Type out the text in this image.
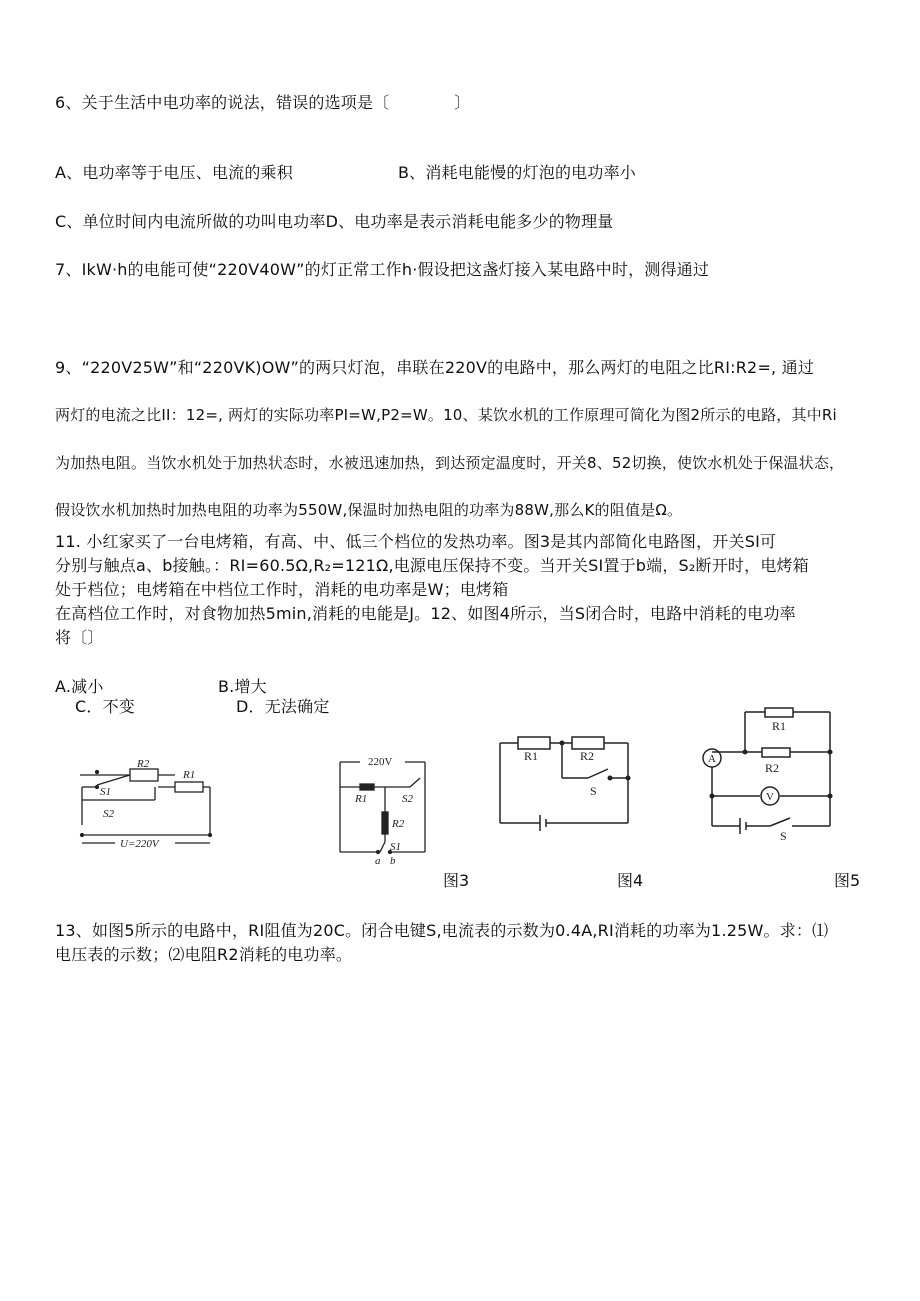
6、关于生活中电功率的说法，错误的选项是〔　　　　〕
A、电功率等于电压、电流的乘积	B、消耗电能慢的灯泡的电功率小
C、单位时间内电流所做的功叫电功率D、电功率是表示消耗电能多少的物理量
7、IkW·h的电能可使“220V40W”的灯正常工作h·假设把这盏灯接入某电路中时，测得通过
9、“220V25W”和“220VK)OW”的两只灯泡，串联在220V的电路中，那么两灯的电阻之比RI:R2=, 通过
两灯的电流之比II：12=, 两灯的实际功率PI=W,P2=W。10、某饮水机的工作原理可简化为图2所示的电路，其中Ri
为加热电阻。当饮水机处于加热状态时，水被迅速加热，到达预定温度时，开关8、52切换，使饮水机处于保温状态，
假设饮水机加热时加热电阻的功率为550W,保温时加热电阻的功率为88W,那么K的阻值是Ω。
11. 小红家买了一台电烤箱，有高、中、低三个档位的发热功率。图3是其内部简化电路图，开关SI可
分别与触点a、b接触。：RI=60.5Ω,R₂=121Ω,电源电压保持不变。当开关SI置于b端，S₂断开时，电烤箱
处于档位；电烤箱在中档位工作时，消耗的电功率是W；电烤箱
在高档位工作时，对食物加热5min,消耗的电能是J。12、如图4所示，当S闭合时，电路中消耗的电功率
将〔〕
A.减小	B.增大
C．不变	D．无法确定
R2
R1
S1
S2
U=220V
220V
R1	S2
R2
S1
a b
图3
R1	R2
S
图4
R1
R2
A
V
S
图5
13、如图5所示的电路中，RI阻值为20C。闭合电键S,电流表的示数为0.4A,RI消耗的功率为1.25W。求：⑴
电压表的示数；⑵电阻R2消耗的电功率。
